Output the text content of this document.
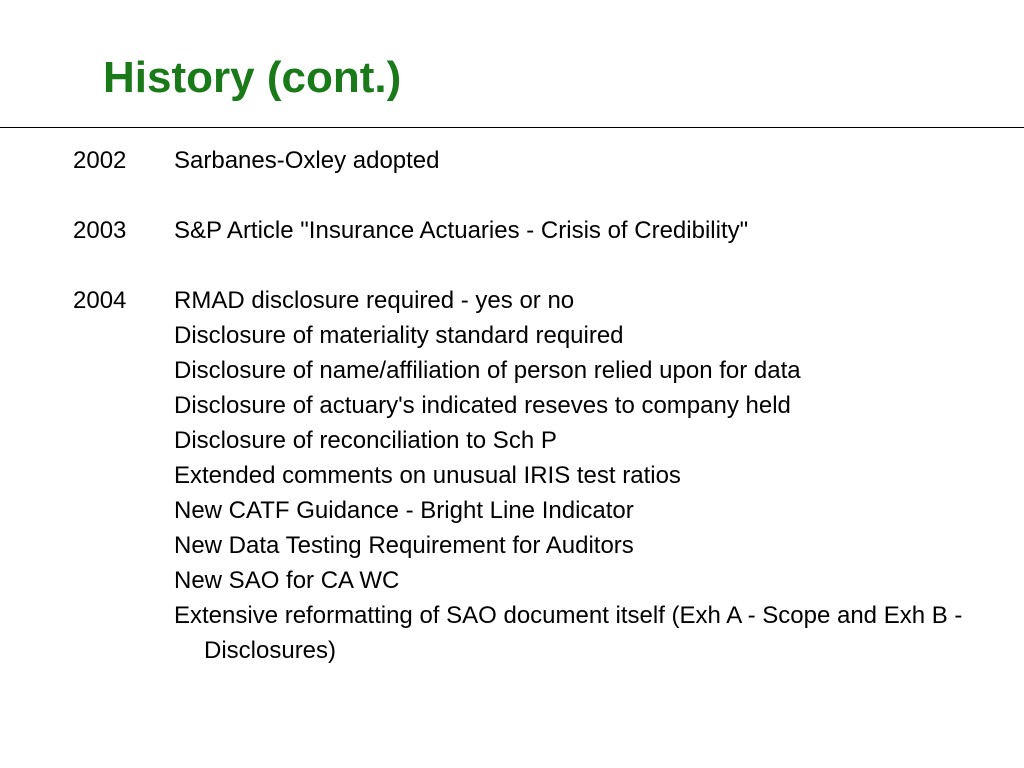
History (cont.)
2002	Sarbanes-Oxley adopted
2003	S&P Article "Insurance Actuaries - Crisis of Credibility"
2004	RMAD disclosure required - yes or no
Disclosure of materiality standard required
Disclosure of name/affiliation of person relied upon for data
Disclosure of actuary's indicated reseves to company held
Disclosure of reconciliation to Sch P
Extended comments on unusual IRIS test ratios
New CATF Guidance - Bright Line Indicator
New Data Testing Requirement for Auditors
New SAO for CA WC
Extensive reformatting of SAO document itself (Exh A - Scope and Exh B - Disclosures)
